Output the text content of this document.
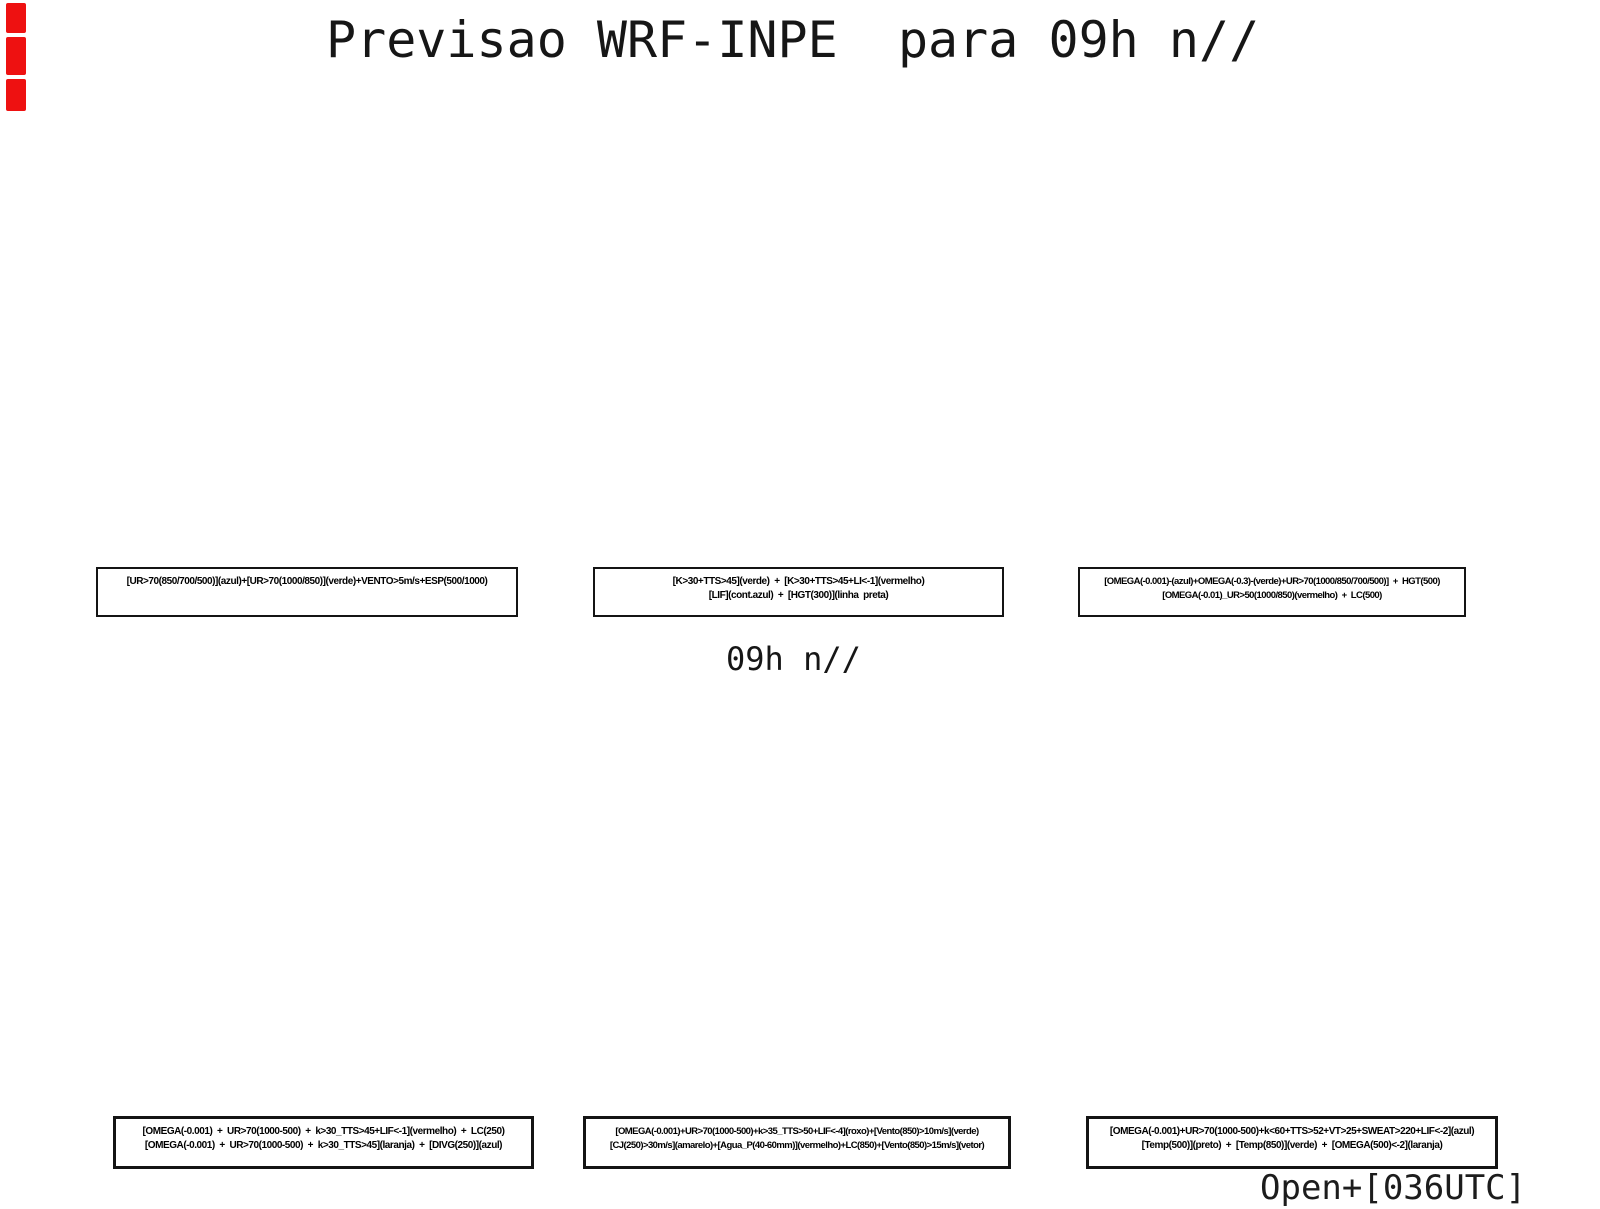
Previsao WRF-INPE  para 09h n//
[UR>70(850/700/500)](azul)+[UR>70(1000/850)](verde)+VENTO>5m/s+ESP(500/1000)	[K>30+TTS>45](verde)  +  [K>30+TTS>45+LI<-1](vermelho)
[LIF](cont.azul)  +  [HGT(300)](linha  preta)
[OMEGA(-0.001)-(azul)+OMEGA(-0.3)-(verde)+UR>70(1000/850/700/500)]  +  HGT(500)
[OMEGA(-0.01)_UR>50(1000/850)(vermelho)  +  LC(500)
09h n//
[OMEGA(-0.001)  +  UR>70(1000-500)  +  k>30_TTS>45+LIF<-1](vermelho)  +  LC(250)
[OMEGA(-0.001)  +  UR>70(1000-500)  +  k>30_TTS>45](laranja)  +  [DIVG(250)](azul)
[OMEGA(-0.001)+UR>70(1000-500)+k>35_TTS>50+LIF<-4](roxo)+[Vento(850)>10m/s](verde)
[CJ(250)>30m/s](amarelo)+[Agua_P(40-60mm)](vermelho)+LC(850)+[Vento(850)>15m/s](vetor)
[OMEGA(-0.001)+UR>70(1000-500)+k<60+TTS>52+VT>25+SWEAT>220+LIF<-2](azul)
[Temp(500)](preto)  +  [Temp(850)](verde)  +  [OMEGA(500)<-2](laranja)
Open+[036UTC]
